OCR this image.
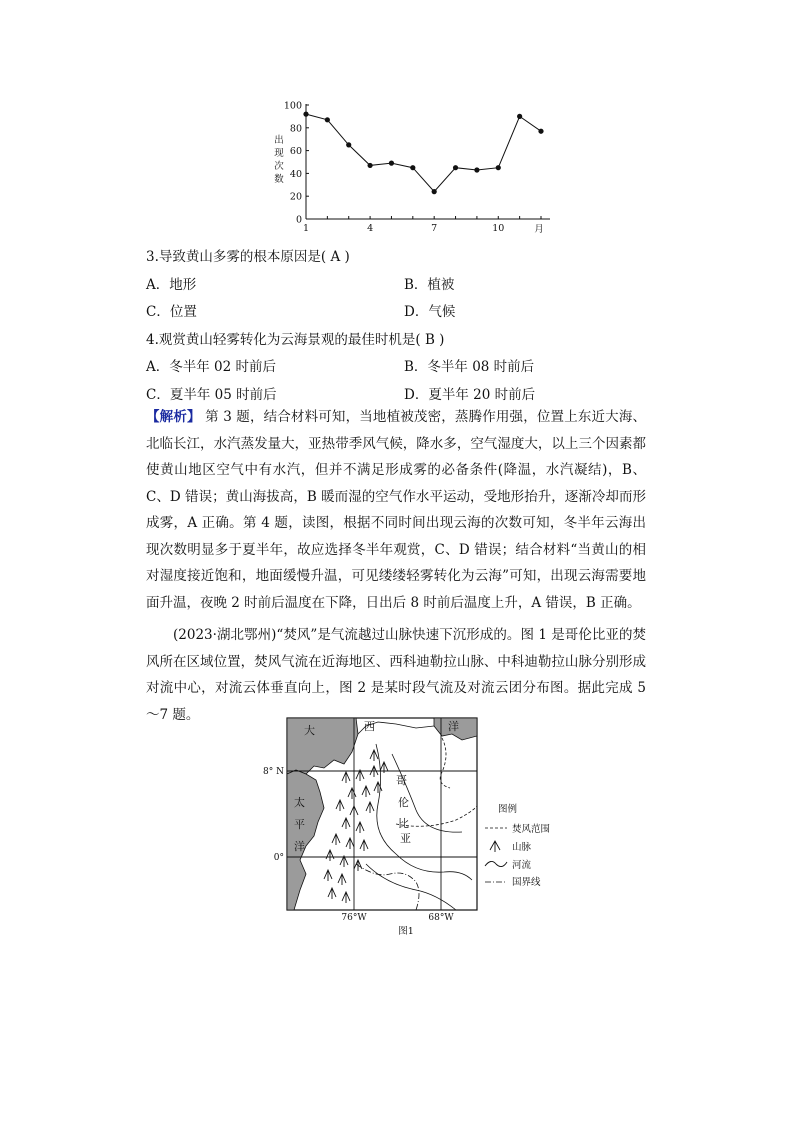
出
现
次
数
0
20
40
60
80
100
1	4	7	10	月
3.导致黄山多雾的根本原因是( A )
A．地形	B．植被
C．位置	D．气候
4.观赏黄山轻雾转化为云海景观的最佳时机是( B )
A．冬半年 02 时前后	B．冬半年 08 时前后
C．夏半年 05 时前后	D．夏半年 20 时前后
【解析】 第 3 题，结合材料可知，当地植被茂密，蒸腾作用强，位置上东近大海、北临长江，水汽蒸发量大，亚热带季风气候，降水多，空气湿度大，以上三个因素都使黄山地区空气中有水汽，但并不满足形成雾的必备条件(降温，水汽凝结)，B、C、D 错误；黄山海拔高，B 暖而湿的空气作水平运动，受地形抬升，逐渐冷却而形成雾，A 正确。第 4 题，读图，根据不同时间出现云海的次数可知，冬半年云海出现次数明显多于夏半年，故应选择冬半年观赏，C、D 错误；结合材料“当黄山的相对湿度接近饱和，地面缓慢升温，可见缕缕轻雾转化为云海”可知，出现云海需要地面升温，夜晚 2 时前后温度在下降，日出后 8 时前后温度上升，A 错误，B 正确。
(2023·湖北鄂州)“焚风”是气流越过山脉快速下沉形成的。图 1 是哥伦比亚的焚风所在区域位置，焚风气流在近海地区、西科迪勒拉山脉、中科迪勒拉山脉分别形成对流中心，对流云体垂直向上，图 2 是某时段气流及对流云团分布图。据此完成 5～7 题。
大	西	洋
太
平
洋
哥
伦
比
亚
8° N
0°
76°W	68°W
图1
图例
焚风范围
山脉
河流
国界线
